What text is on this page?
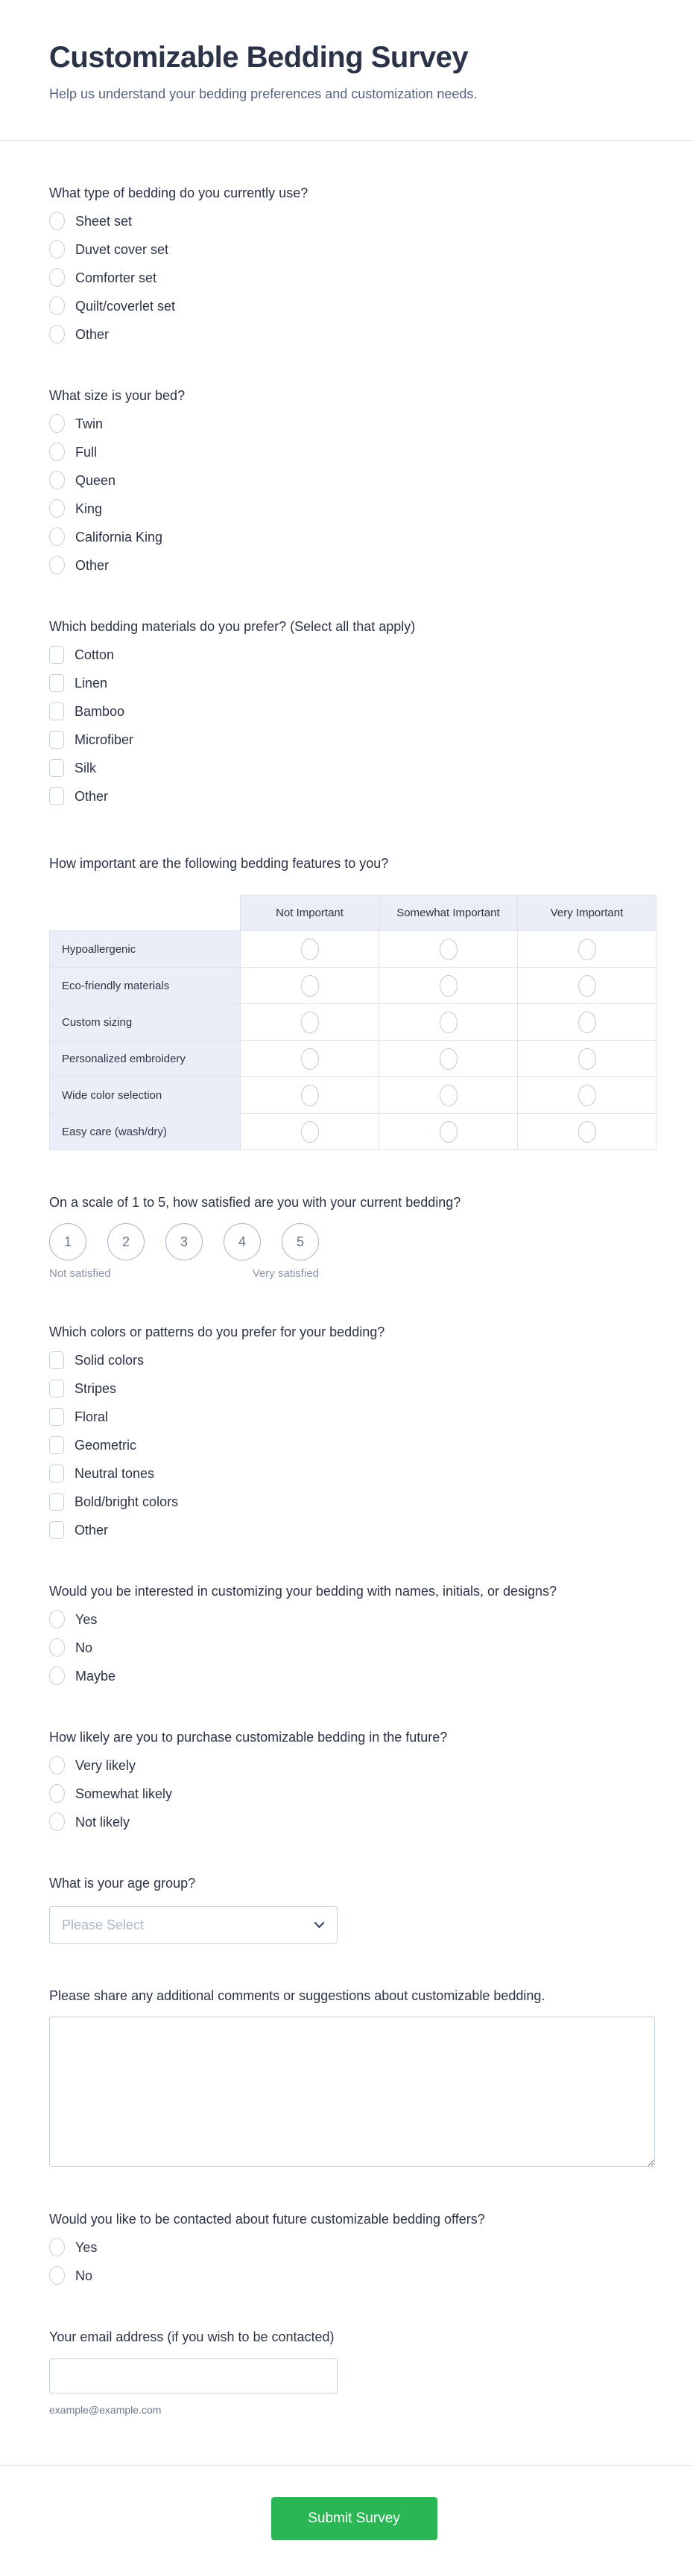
Customizable Bedding Survey
Help us understand your bedding preferences and customization needs.
What type of bedding do you currently use?
Sheet set
Duvet cover set
Comforter set
Quilt/coverlet set
Other
What size is your bed?
Twin
Full
Queen
King
California King
Other
Which bedding materials do you prefer? (Select all that apply)
Cotton
Linen
Bamboo
Microfiber
Silk
Other
How important are the following bedding features to you?
	Not Important	Somewhat Important	Very Important
Hypoallergenic			
Eco-friendly materials			
Custom sizing			
Personalized embroidery			
Wide color selection			
Easy care (wash/dry)			
On a scale of 1 to 5, how satisfied are you with your current bedding?
1	2	3	4	5
Not satisfied	Very satisfied
Which colors or patterns do you prefer for your bedding?
Solid colors
Stripes
Floral
Geometric
Neutral tones
Bold/bright colors
Other
Would you be interested in customizing your bedding with names, initials, or designs?
Yes
No
Maybe
How likely are you to purchase customizable bedding in the future?
Very likely
Somewhat likely
Not likely
What is your age group?
Please Select
Please share any additional comments or suggestions about customizable bedding.
Would you like to be contacted about future customizable bedding offers?
Yes
No
Your email address (if you wish to be contacted)
example@example.com
Submit Survey
